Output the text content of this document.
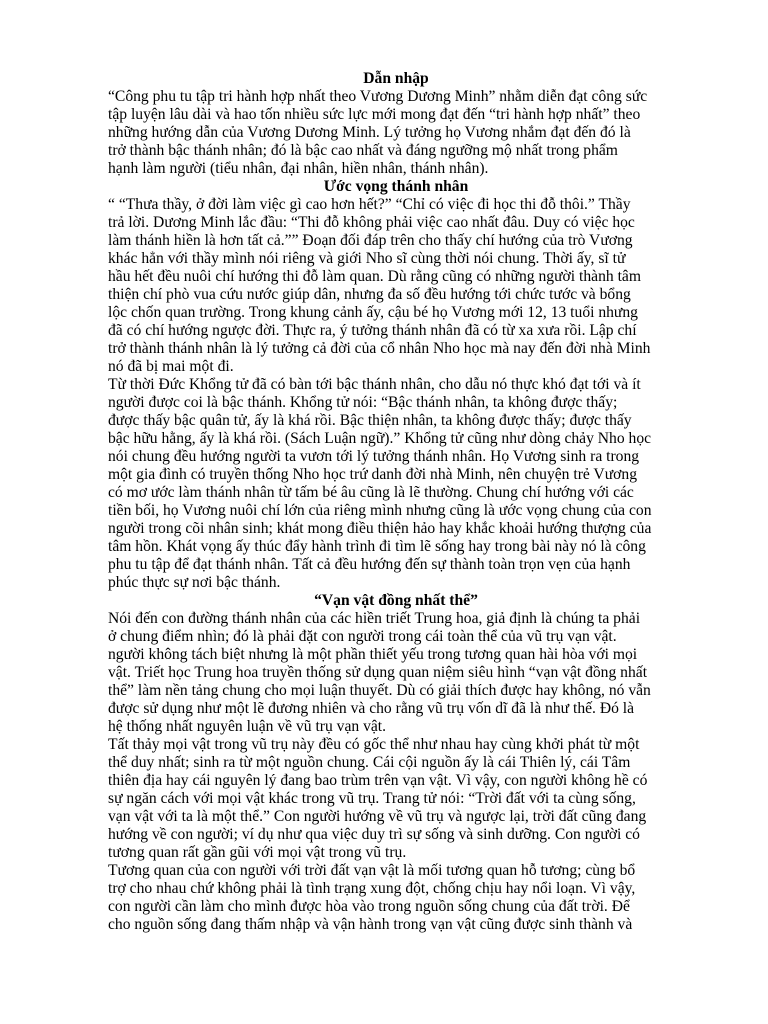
Dẫn nhập
“Công phu tu tập tri hành hợp nhất theo Vương Dương Minh” nhằm diễn đạt công sức
tập luyện lâu dài và hao tốn nhiều sức lực mới mong đạt đến “tri hành hợp nhất” theo
những hướng dẫn của Vương Dương Minh. Lý tưởng họ Vương nhắm đạt đến đó là
trở thành bậc thánh nhân; đó là bậc cao nhất và đáng ngưỡng mộ nhất trong phẩm
hạnh làm người (tiểu nhân, đại nhân, hiền nhân, thánh nhân).
Ước vọng thánh nhân
“ “Thưa thầy, ở đời làm việc gì cao hơn hết?” “Chỉ có việc đi học thi đỗ thôi.” Thầy
trả lời. Dương Minh lắc đầu: “Thi đỗ không phải việc cao nhất đâu. Duy có việc học
làm thánh hiền là hơn tất cả.”” Đoạn đối đáp trên cho thấy chí hướng của trò Vương
khác hẳn với thầy mình nói riêng và giới Nho sĩ cùng thời nói chung. Thời ấy, sĩ tử
hầu hết đều nuôi chí hướng thi đỗ làm quan. Dù rằng cũng có những người thành tâm
thiện chí phò vua cứu nước giúp dân, nhưng đa số đều hướng tới chức tước và bổng
lộc chốn quan trường. Trong khung cảnh ấy, cậu bé họ Vương mới 12, 13 tuổi nhưng
đã có chí hướng ngược đời. Thực ra, ý tưởng thánh nhân đã có từ xa xưa rồi. Lập chí
trở thành thánh nhân là lý tưởng cả đời của cổ nhân Nho học mà nay đến đời nhà Minh
nó đã bị mai một đi.
Từ thời Đức Khổng tử đã có bàn tới bậc thánh nhân, cho dẫu nó thực khó đạt tới và ít
người được coi là bậc thánh. Khổng tử nói: “Bậc thánh nhân, ta không được thấy;
được thấy bậc quân tử, ấy là khá rồi. Bậc thiện nhân, ta không được thấy; được thấy
bậc hữu hằng, ấy là khá rồi. (Sách Luận ngữ).” Khổng tử cũng như dòng chảy Nho học
nói chung đều hướng người ta vươn tới lý tưởng thánh nhân. Họ Vương sinh ra trong
một gia đình có truyền thống Nho học trứ danh đời nhà Minh, nên chuyện trẻ Vương
có mơ ước làm thánh nhân từ tấm bé âu cũng là lẽ thường. Chung chí hướng với các
tiền bối, họ Vương nuôi chí lớn của riêng mình nhưng cũng là ước vọng chung của con
người trong cõi nhân sinh; khát mong điều thiện hảo hay khắc khoải hướng thượng của
tâm hồn. Khát vọng ấy thúc đẩy hành trình đi tìm lẽ sống hay trong bài này nó là công
phu tu tập để đạt thánh nhân. Tất cả đều hướng đến sự thành toàn trọn vẹn của hạnh
phúc thực sự nơi bậc thánh.
“Vạn vật đồng nhất thể”
Nói đến con đường thánh nhân của các hiền triết Trung hoa, giả định là chúng ta phải
ở chung điểm nhìn; đó là phải đặt con người trong cái toàn thể của vũ trụ vạn vật.
người không tách biệt nhưng là một phần thiết yếu trong tương quan hài hòa với mọi
vật. Triết học Trung hoa truyền thống sử dụng quan niệm siêu hình “vạn vật đồng nhất
thể” làm nền tảng chung cho mọi luận thuyết. Dù có giải thích được hay không, nó vẫn
được sử dụng như một lẽ đương nhiên và cho rằng vũ trụ vốn dĩ đã là như thế. Đó là
hệ thống nhất nguyên luận về vũ trụ vạn vật.
Tất thảy mọi vật trong vũ trụ này đều có gốc thể như nhau hay cùng khởi phát từ một
thể duy nhất; sinh ra từ một nguồn chung. Cái cội nguồn ấy là cái Thiên lý, cái Tâm
thiên địa hay cái nguyên lý đang bao trùm trên vạn vật. Vì vậy, con người không hề có
sự ngăn cách với mọi vật khác trong vũ trụ. Trang tử nói: “Trời đất với ta cùng sống,
vạn vật với ta là một thể.” Con người hướng về vũ trụ và ngược lại, trời đất cũng đang
hướng về con người; ví dụ như qua việc duy trì sự sống và sinh dưỡng. Con người có
tương quan rất gần gũi với mọi vật trong vũ trụ.
Tương quan của con người với trời đất vạn vật là mối tương quan hỗ tương; cùng bổ
trợ cho nhau chứ không phải là tình trạng xung đột, chống chịu hay nổi loạn. Vì vậy,
con người cần làm cho mình được hòa vào trong nguồn sống chung của đất trời. Để
cho nguồn sống đang thấm nhập và vận hành trong vạn vật cũng được sinh thành và
